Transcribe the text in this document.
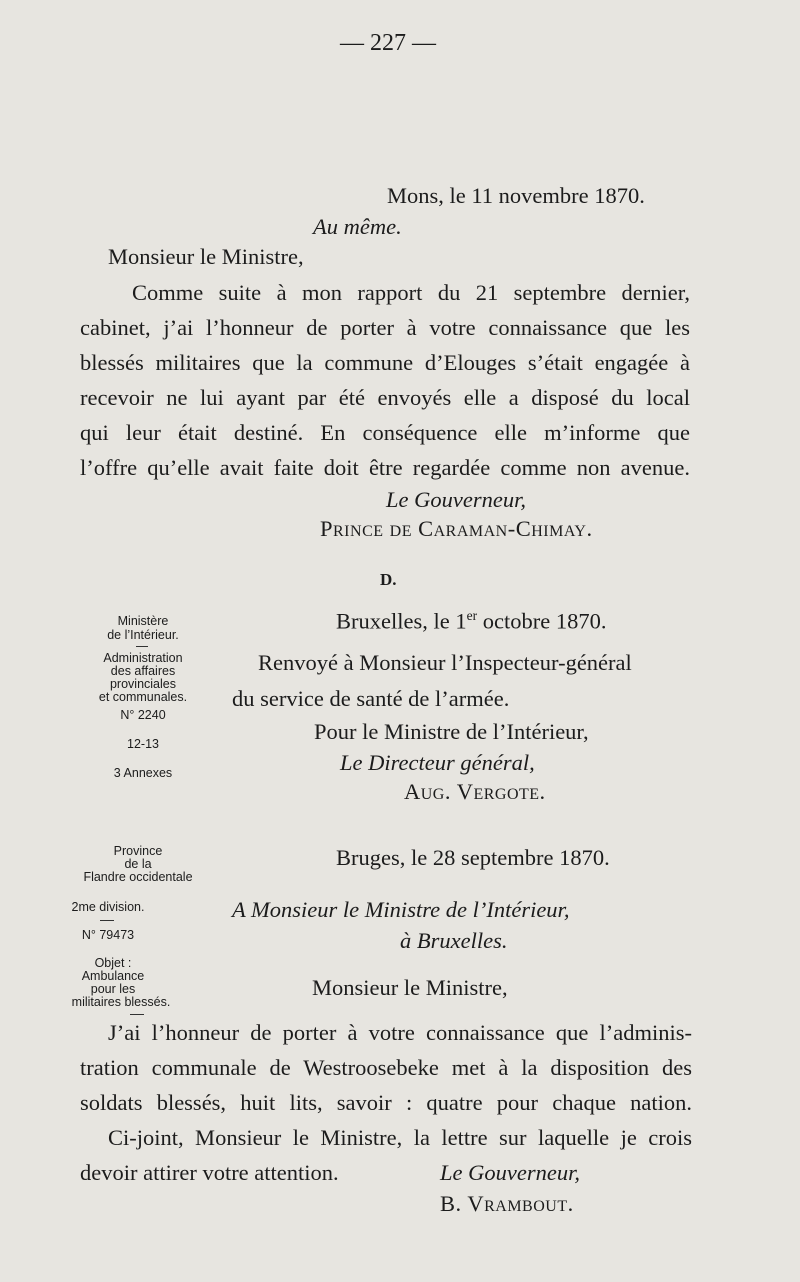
— 227 —
Mons, le 11 novembre 1870.
Au même.
Monsieur le Ministre,
Comme suite à mon rapport du 21 septembre dernier,
cabinet, j’ai l’honneur de porter à votre connaissance que les
blessés militaires que la commune d’Elouges s’était engagée à
recevoir ne lui ayant par été envoyés elle a disposé du local
qui leur était destiné. En conséquence elle m’informe que
l’offre qu’elle avait faite doit être regardée comme non avenue.
Le Gouverneur,
Prince de Caraman-Chimay.
D.
Ministère
de l’Intérieur.
Administration
des affaires
provinciales
et communales.
N° 2240
12-13
3 Annexes
Bruxelles, le 1er octobre 1870.
Renvoyé à Monsieur l’Inspecteur-général
du service de santé de l’armée.
Pour le Ministre de l’Intérieur,
Le Directeur général,
Aug. Vergote.
Province
de la
Flandre occidentale
2me division.
N° 79473
Objet :
Ambulance
pour les
militaires blessés.
Bruges, le 28 septembre 1870.
A Monsieur le Ministre de l’Intérieur,
à Bruxelles.
Monsieur le Ministre,
J’ai l’honneur de porter à votre connaissance que l’adminis-
tration communale de Westroosebeke met à la disposition des
soldats blessés, huit lits, savoir : quatre pour chaque nation.
Ci-joint, Monsieur le Ministre, la lettre sur laquelle je crois
devoir attirer votre attention.	Le Gouverneur,
B. Vrambout.
